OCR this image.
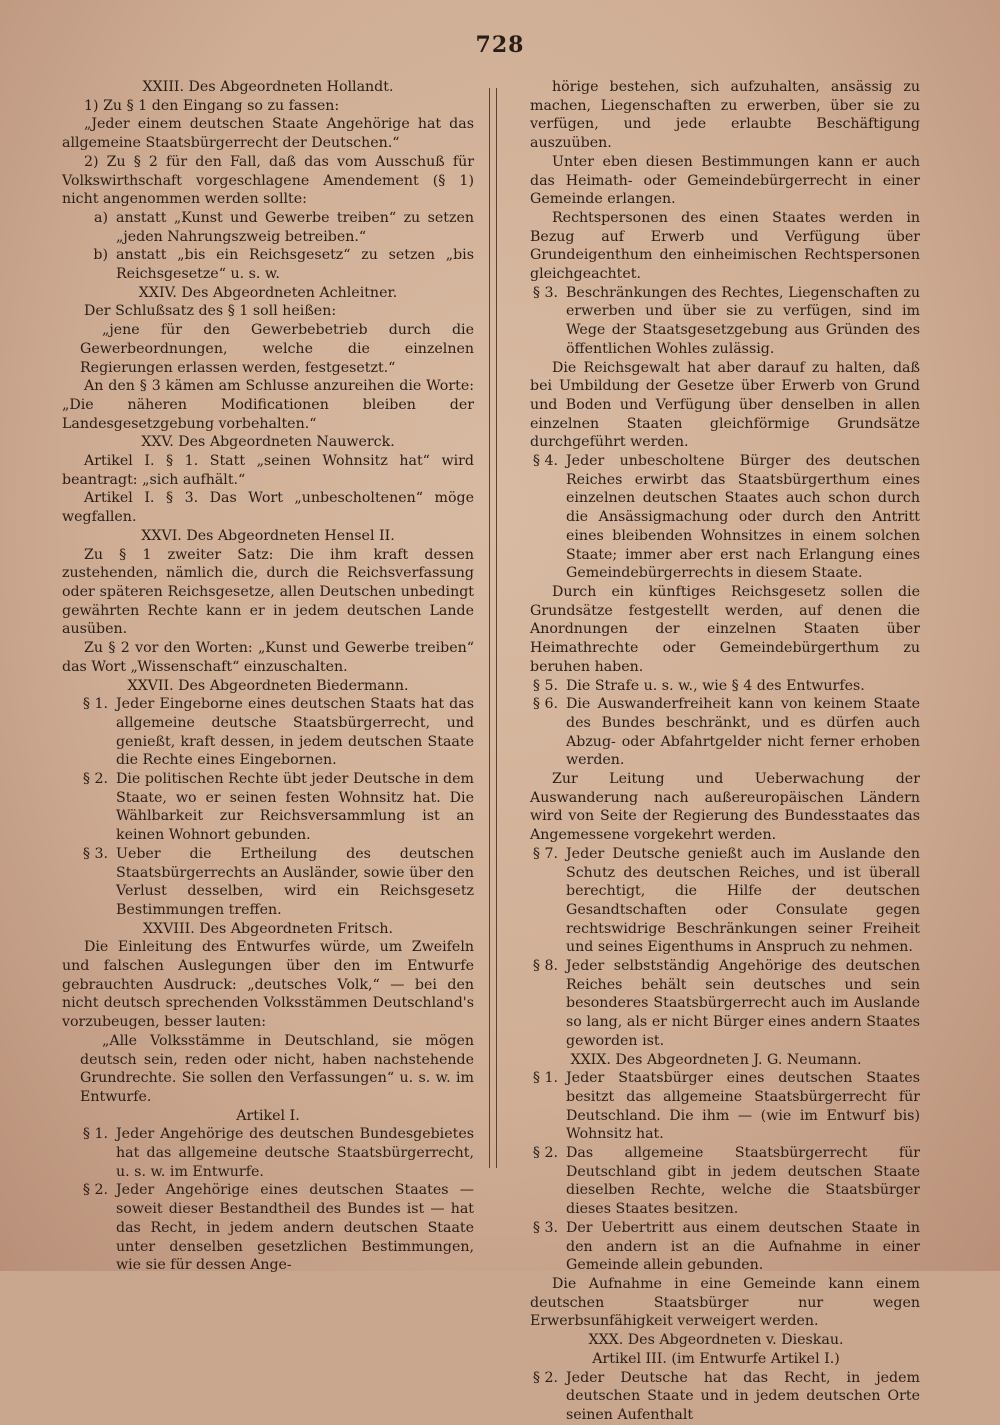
728

XXIII. Des Abgeordneten Hollandt.

1) Zu § 1 den Eingang so zu fassen:

„Jeder einem deutschen Staate Angehörige hat das allgemeine Staatsbürgerrecht der Deutschen.“

2) Zu § 2 für den Fall, daß das vom Ausschuß für Volkswirthschaft vorgeschlagene Amendement (§ 1) nicht angenommen werden sollte:

a) anstatt „Kunst und Gewerbe treiben“ zu setzen „jeden Nahrungszweig betreiben.“
b) anstatt „bis ein Reichsgesetz“ zu setzen „bis Reichsgesetze“ u. s. w.

XXIV. Des Abgeordneten Achleitner.

Der Schlußsatz des § 1 soll heißen:

„jene für den Gewerbebetrieb durch die Gewerbeordnungen, welche die einzelnen Regierungen erlassen werden, festgesetzt.“

An den § 3 kämen am Schlusse anzureihen die Worte: „Die näheren Modificationen bleiben der Landesgesetzgebung vorbehalten.“

XXV. Des Abgeordneten Nauwerck.

Artikel I. § 1. Statt „seinen Wohnsitz hat“ wird beantragt: „sich aufhält.“

Artikel I. § 3. Das Wort „unbescholtenen“ möge wegfallen.

XXVI. Des Abgeordneten Hensel II.

Zu § 1 zweiter Satz: Die ihm kraft dessen zustehenden, nämlich die, durch die Reichsverfassung oder späteren Reichsgesetze, allen Deutschen unbedingt gewährten Rechte kann er in jedem deutschen Lande ausüben.

Zu § 2 vor den Worten: „Kunst und Gewerbe treiben“ das Wort „Wissenschaft“ einzuschalten.

XXVII. Des Abgeordneten Biedermann.

§ 1. Jeder Eingeborne eines deutschen Staats hat das allgemeine deutsche Staatsbürgerrecht, und genießt, kraft dessen, in jedem deutschen Staate die Rechte eines Eingebornen.
§ 2. Die politischen Rechte übt jeder Deutsche in dem Staate, wo er seinen festen Wohnsitz hat. Die Wählbarkeit zur Reichsversammlung ist an keinen Wohnort gebunden.
§ 3. Ueber die Ertheilung des deutschen Staatsbürgerrechts an Ausländer, sowie über den Verlust desselben, wird ein Reichsgesetz Bestimmungen treffen.

XXVIII. Des Abgeordneten Fritsch.

Die Einleitung des Entwurfes würde, um Zweifeln und falschen Auslegungen über den im Entwurfe gebrauchten Ausdruck: „deutsches Volk,“ — bei den nicht deutsch sprechenden Volksstämmen Deutschland's vorzubeugen, besser lauten:

„Alle Volksstämme in Deutschland, sie mögen deutsch sein, reden oder nicht, haben nachstehende Grundrechte. Sie sollen den Verfassungen“ u. s. w. im Entwurfe.

Artikel I.

§ 1. Jeder Angehörige des deutschen Bundesgebietes hat das allgemeine deutsche Staatsbürgerrecht, u. s. w. im Entwurfe.
§ 2. Jeder Angehörige eines deutschen Staates — soweit dieser Bestandtheil des Bundes ist — hat das Recht, in jedem andern deutschen Staate unter denselben gesetzlichen Bestimmungen, wie sie für dessen Ange-

hörige bestehen, sich aufzuhalten, ansässig zu machen, Liegenschaften zu erwerben, über sie zu verfügen, und jede erlaubte Beschäftigung auszuüben.

Unter eben diesen Bestimmungen kann er auch das Heimath- oder Gemeindebürgerrecht in einer Gemeinde erlangen.

Rechtspersonen des einen Staates werden in Bezug auf Erwerb und Verfügung über Grundeigenthum den einheimischen Rechtspersonen gleichgeachtet.

§ 3. Beschränkungen des Rechtes, Liegenschaften zu erwerben und über sie zu verfügen, sind im Wege der Staatsgesetzgebung aus Gründen des öffentlichen Wohles zulässig.

Die Reichsgewalt hat aber darauf zu halten, daß bei Umbildung der Gesetze über Erwerb von Grund und Boden und Verfügung über denselben in allen einzelnen Staaten gleichförmige Grundsätze durchgeführt werden.

§ 4. Jeder unbescholtene Bürger des deutschen Reiches erwirbt das Staatsbürgerthum eines einzelnen deutschen Staates auch schon durch die Ansässigmachung oder durch den Antritt eines bleibenden Wohnsitzes in einem solchen Staate; immer aber erst nach Erlangung eines Gemeindebürgerrechts in diesem Staate.

Durch ein künftiges Reichsgesetz sollen die Grundsätze festgestellt werden, auf denen die Anordnungen der einzelnen Staaten über Heimathrechte oder Gemeindebürgerthum zu beruhen haben.

§ 5. Die Strafe u. s. w., wie § 4 des Entwurfes.
§ 6. Die Auswanderfreiheit kann von keinem Staate des Bundes beschränkt, und es dürfen auch Abzug- oder Abfahrtgelder nicht ferner erhoben werden.

Zur Leitung und Ueberwachung der Auswanderung nach außereuropäischen Ländern wird von Seite der Regierung des Bundesstaates das Angemessene vorgekehrt werden.

§ 7. Jeder Deutsche genießt auch im Auslande den Schutz des deutschen Reiches, und ist überall berechtigt, die Hilfe der deutschen Gesandtschaften oder Consulate gegen rechtswidrige Beschränkungen seiner Freiheit und seines Eigenthums in Anspruch zu nehmen.
§ 8. Jeder selbstständig Angehörige des deutschen Reiches behält sein deutsches und sein besonderes Staatsbürgerrecht auch im Auslande so lang, als er nicht Bürger eines andern Staates geworden ist.

XXIX. Des Abgeordneten J. G. Neumann.

§ 1. Jeder Staatsbürger eines deutschen Staates besitzt das allgemeine Staatsbürgerrecht für Deutschland. Die ihm — (wie im Entwurf bis) Wohnsitz hat.
§ 2. Das allgemeine Staatsbürgerrecht für Deutschland gibt in jedem deutschen Staate dieselben Rechte, welche die Staatsbürger dieses Staates besitzen.
§ 3. Der Uebertritt aus einem deutschen Staate in den andern ist an die Aufnahme in einer Gemeinde allein gebunden.

Die Aufnahme in eine Gemeinde kann einem deutschen Staatsbürger nur wegen Erwerbsunfähigkeit verweigert werden.

XXX. Des Abgeordneten v. Dieskau.

Artikel III. (im Entwurfe Artikel I.)

§ 2. Jeder Deutsche hat das Recht, in jedem deutschen Staate und in jedem deutschen Orte seinen Aufenthalt
